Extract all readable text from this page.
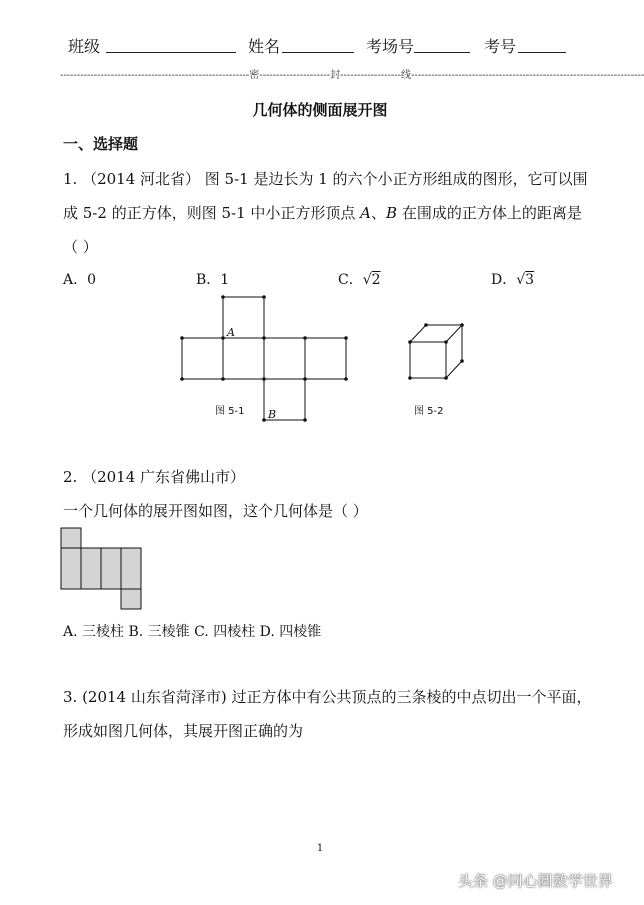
班级	姓名	考场号	考号
--------------------------------------------------------密---------------------封------------------线---------------------------------------------------------------------
几何体的侧面展开图
一、选择题
1. （2014 河北省） 图 5-1 是边长为 1 的六个小正方形组成的图形，它可以围
成 5-2 的正方体，则图 5-1 中小正方形顶点 A、B 在围成的正方体上的距离是
（ ）
A．0	B．1	C．√2	D．√3
A
B
图 5-1	图 5-2
2. （2014 广东省佛山市）
一个几何体的展开图如图，这个几何体是（ ）
A. 三棱柱 B. 三棱锥 C. 四棱柱 D. 四棱锥
3. (2014 山东省菏泽市) 过正方体中有公共顶点的三条棱的中点切出一个平面，
形成如图几何体，其展开图正确的为
1
头条 @同心圆数学世界
